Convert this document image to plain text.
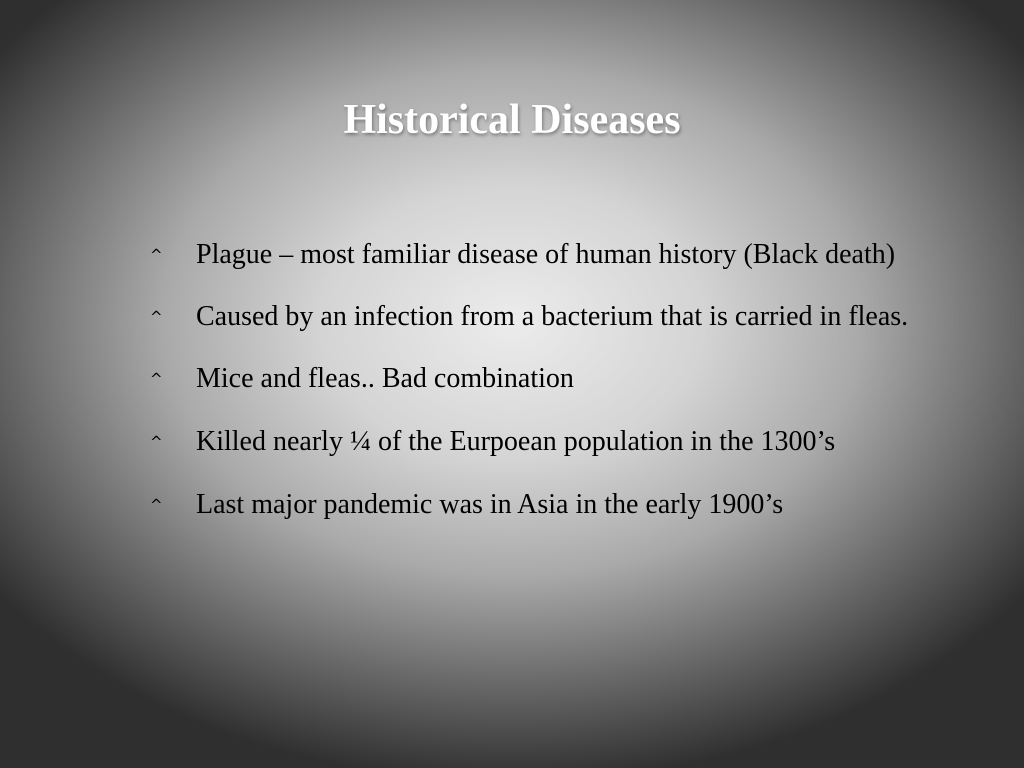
Historical Diseases
^ Plague – most familiar disease of human history (Black death)
^ Caused by an infection from a bacterium that is carried in fleas.
^ Mice and fleas.. Bad combination
^ Killed nearly ¼ of the Eurpoean population in the 1300’s
^ Last major pandemic was in Asia in the early 1900’s
